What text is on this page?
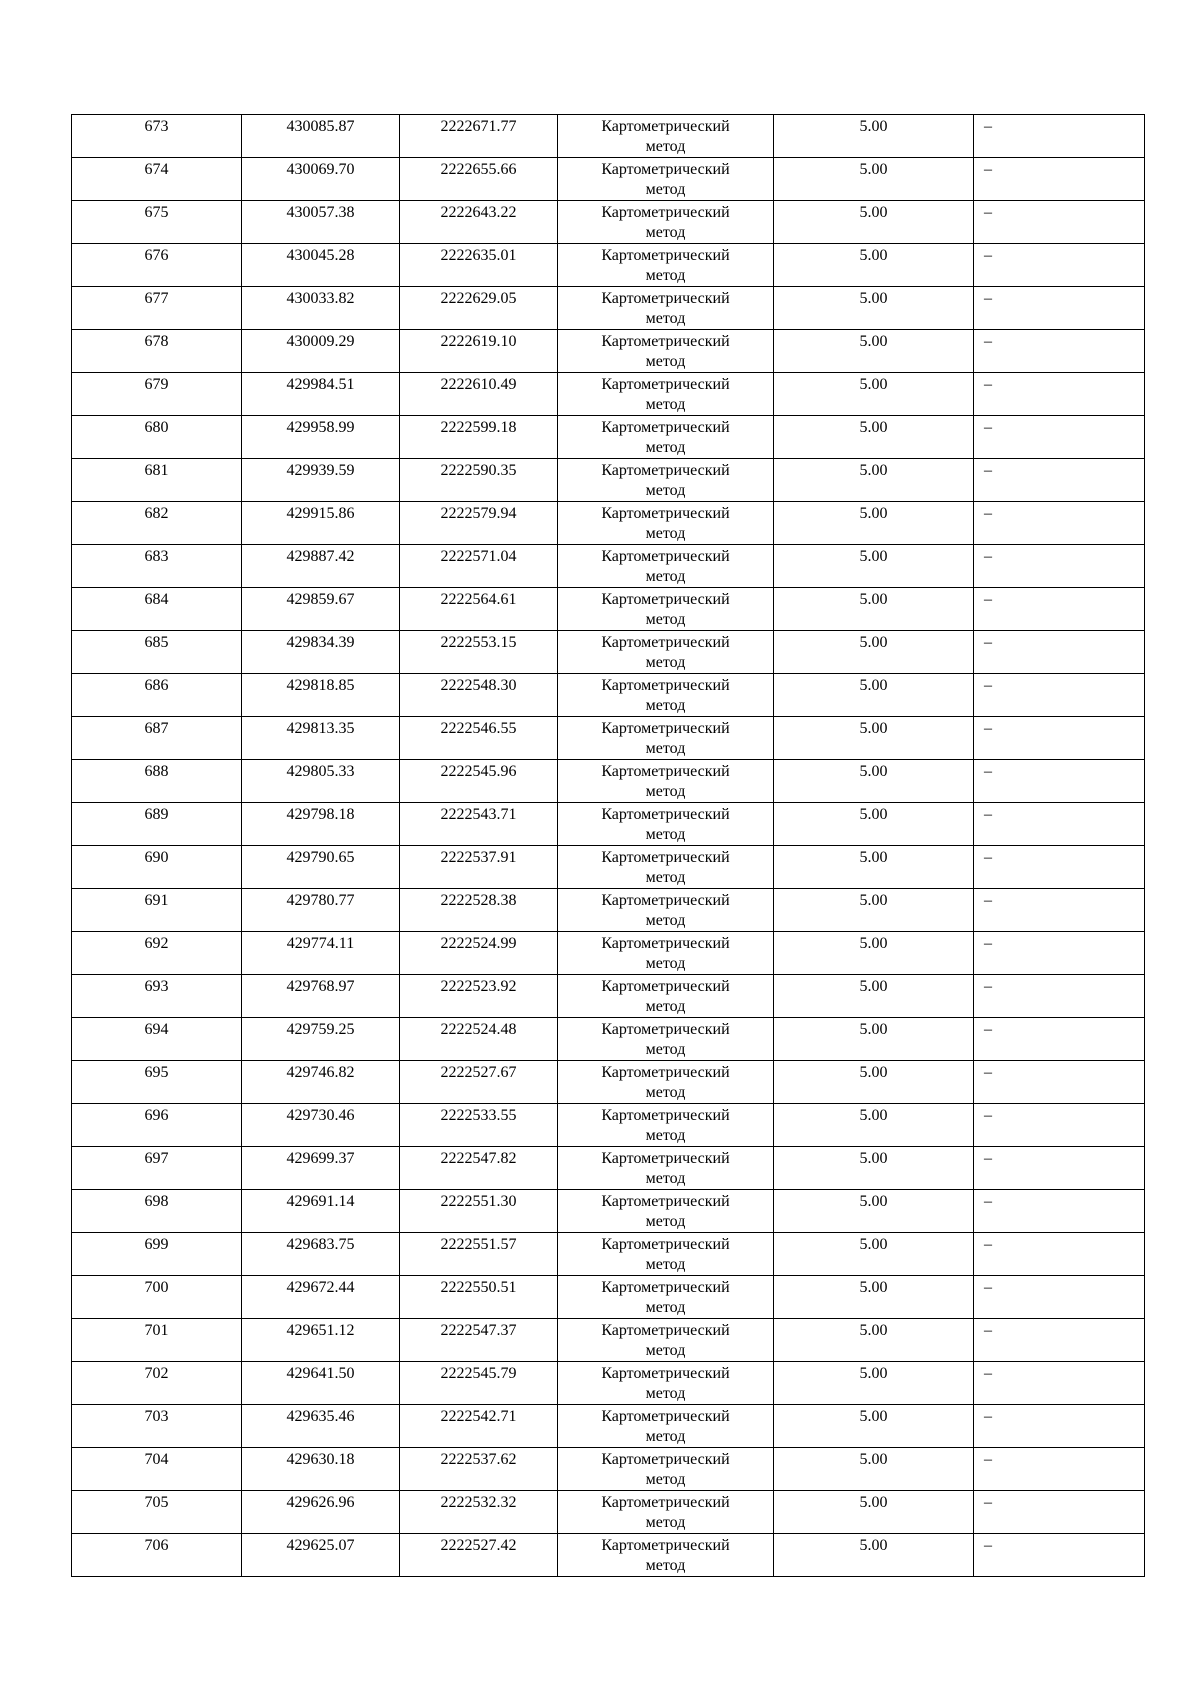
673	430085.87	2222671.77	Картометрический
метод	5.00	–
674	430069.70	2222655.66	Картометрический
метод	5.00	–
675	430057.38	2222643.22	Картометрический
метод	5.00	–
676	430045.28	2222635.01	Картометрический
метод	5.00	–
677	430033.82	2222629.05	Картометрический
метод	5.00	–
678	430009.29	2222619.10	Картометрический
метод	5.00	–
679	429984.51	2222610.49	Картометрический
метод	5.00	–
680	429958.99	2222599.18	Картометрический
метод	5.00	–
681	429939.59	2222590.35	Картометрический
метод	5.00	–
682	429915.86	2222579.94	Картометрический
метод	5.00	–
683	429887.42	2222571.04	Картометрический
метод	5.00	–
684	429859.67	2222564.61	Картометрический
метод	5.00	–
685	429834.39	2222553.15	Картометрический
метод	5.00	–
686	429818.85	2222548.30	Картометрический
метод	5.00	–
687	429813.35	2222546.55	Картометрический
метод	5.00	–
688	429805.33	2222545.96	Картометрический
метод	5.00	–
689	429798.18	2222543.71	Картометрический
метод	5.00	–
690	429790.65	2222537.91	Картометрический
метод	5.00	–
691	429780.77	2222528.38	Картометрический
метод	5.00	–
692	429774.11	2222524.99	Картометрический
метод	5.00	–
693	429768.97	2222523.92	Картометрический
метод	5.00	–
694	429759.25	2222524.48	Картометрический
метод	5.00	–
695	429746.82	2222527.67	Картометрический
метод	5.00	–
696	429730.46	2222533.55	Картометрический
метод	5.00	–
697	429699.37	2222547.82	Картометрический
метод	5.00	–
698	429691.14	2222551.30	Картометрический
метод	5.00	–
699	429683.75	2222551.57	Картометрический
метод	5.00	–
700	429672.44	2222550.51	Картометрический
метод	5.00	–
701	429651.12	2222547.37	Картометрический
метод	5.00	–
702	429641.50	2222545.79	Картометрический
метод	5.00	–
703	429635.46	2222542.71	Картометрический
метод	5.00	–
704	429630.18	2222537.62	Картометрический
метод	5.00	–
705	429626.96	2222532.32	Картометрический
метод	5.00	–
706	429625.07	2222527.42	Картометрический
метод	5.00	–
